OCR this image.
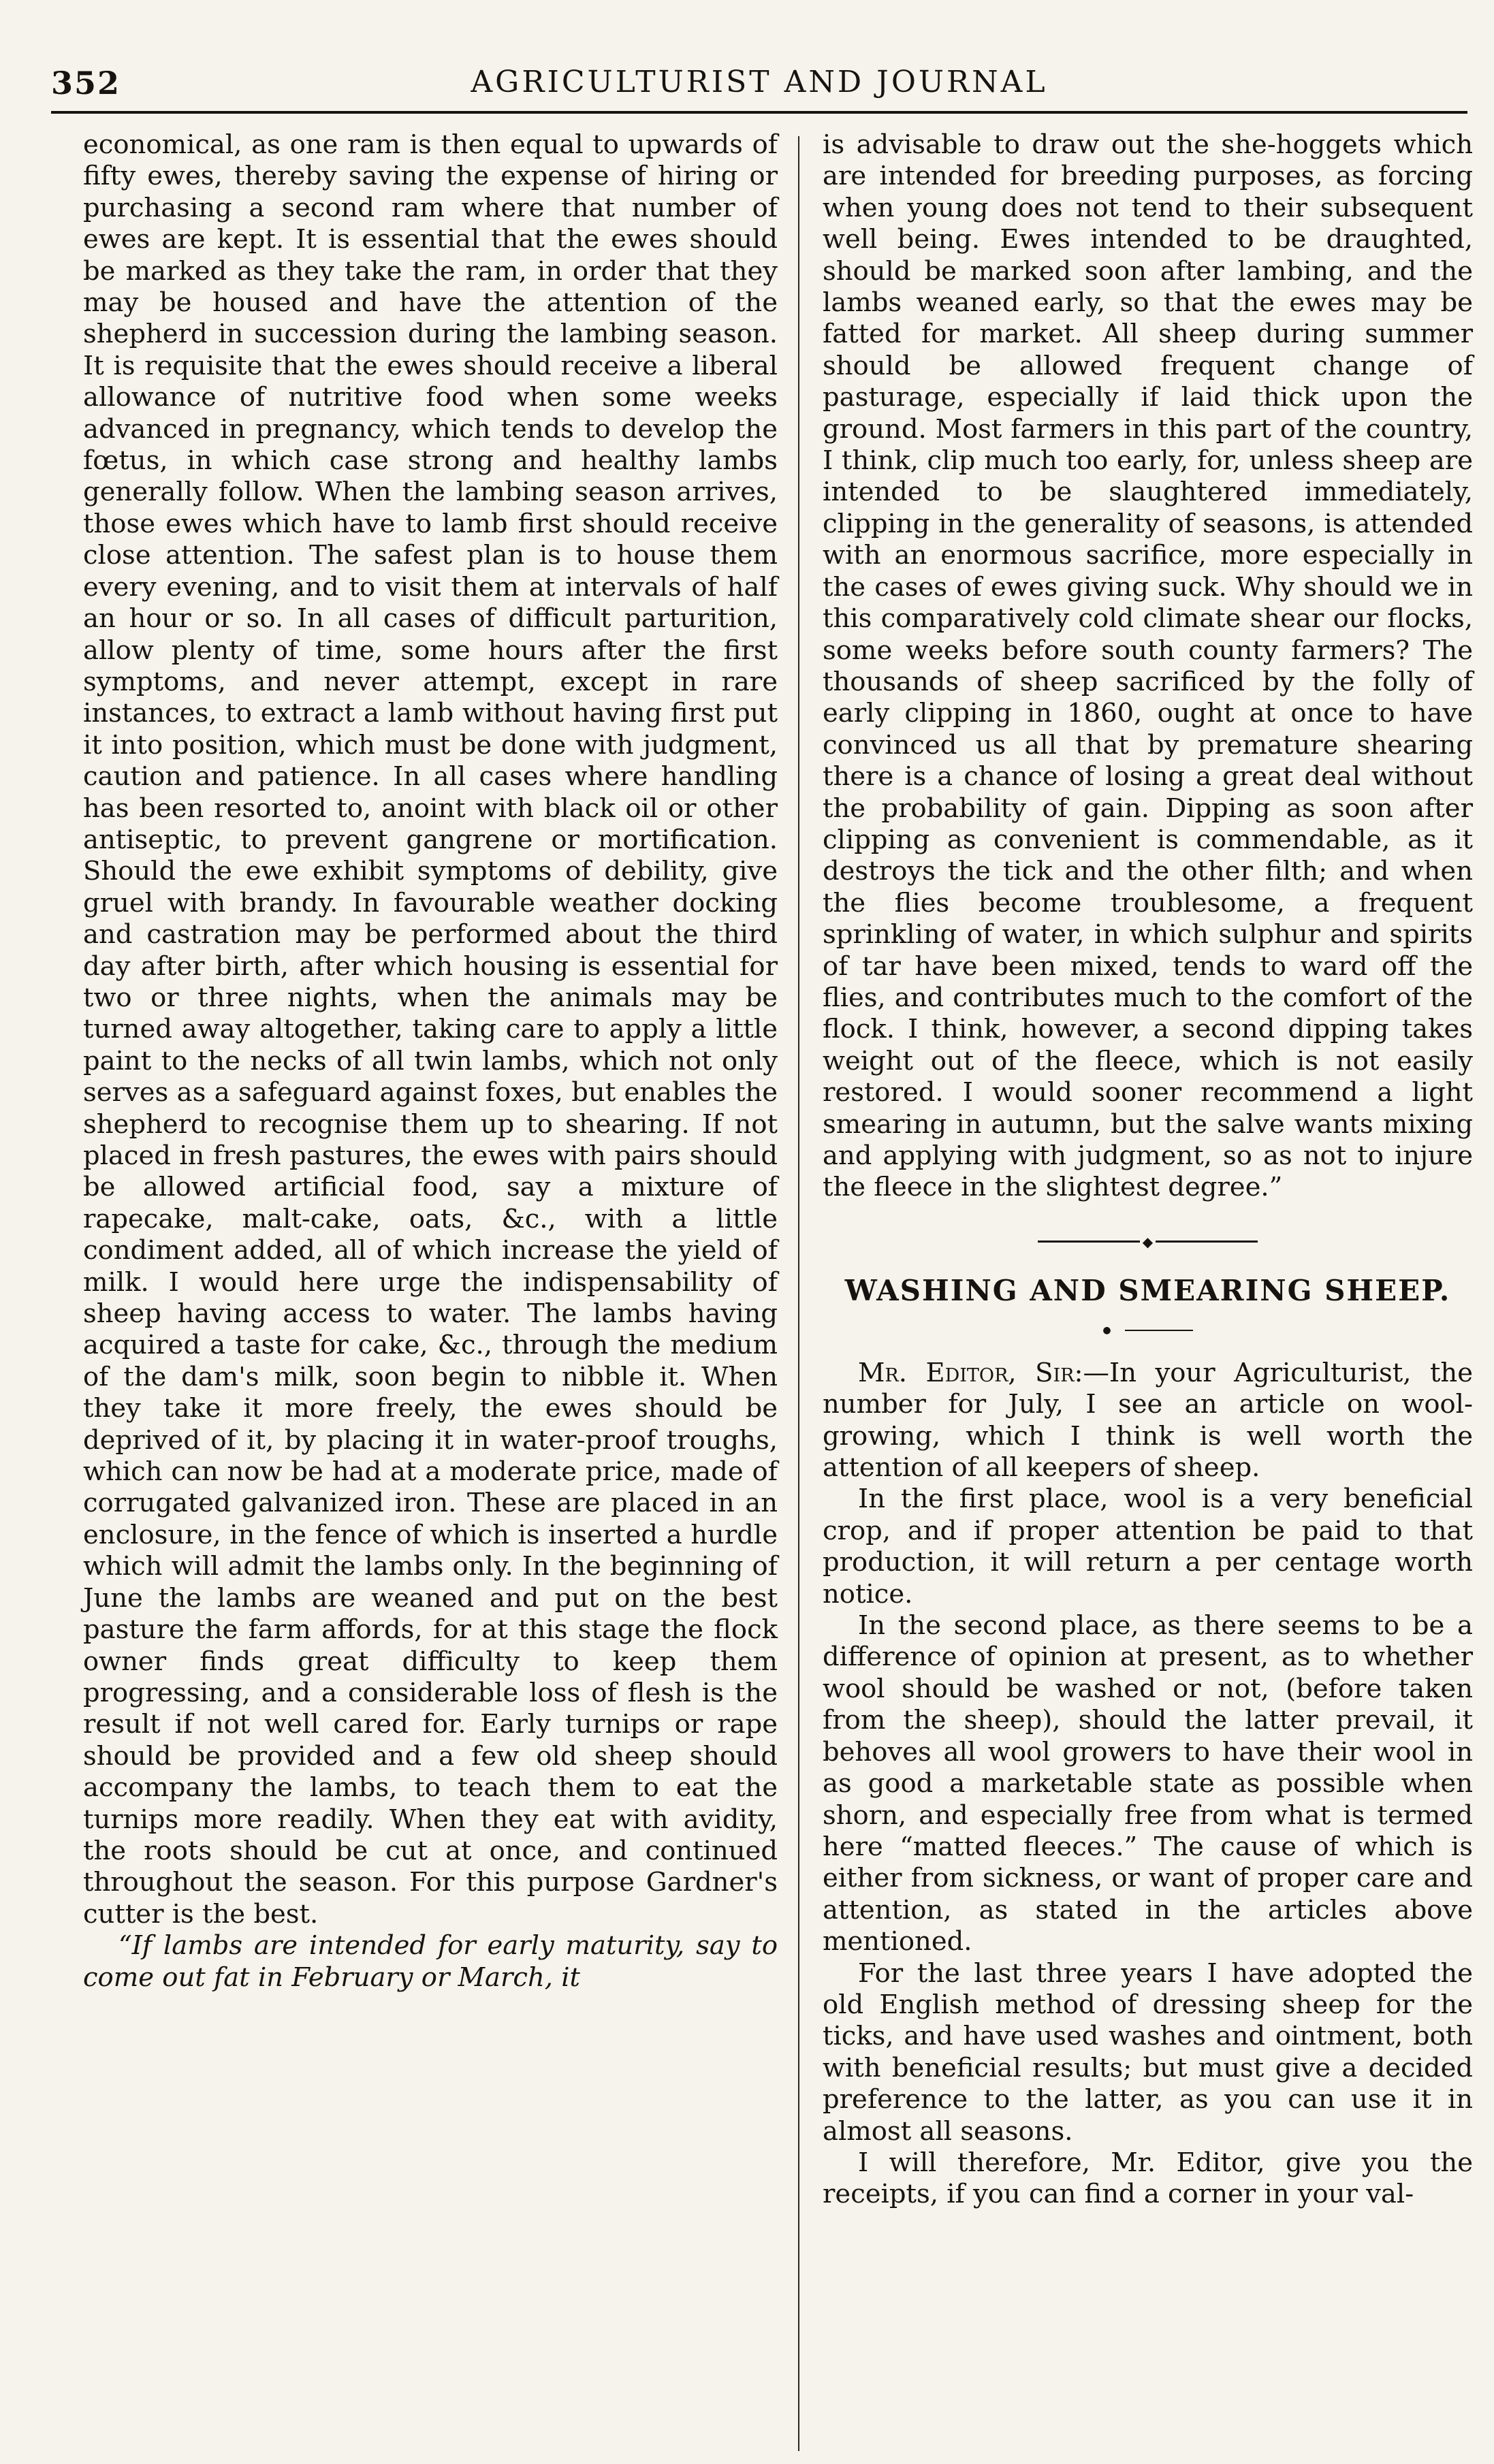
352	AGRICULTURIST AND JOURNAL

economical, as one ram is then equal to upwards of fifty ewes, thereby saving the expense of hiring or purchasing a second ram where that number of ewes are kept. It is essential that the ewes should be marked as they take the ram, in order that they may be housed and have the attention of the shepherd in succession during the lambing season. It is requisite that the ewes should receive a liberal allowance of nutritive food when some weeks advanced in pregnancy, which tends to develop the fœtus, in which case strong and healthy lambs generally follow. When the lambing season arrives, those ewes which have to lamb first should receive close attention. The safest plan is to house them every evening, and to visit them at intervals of half an hour or so. In all cases of difficult parturition, allow plenty of time, some hours after the first symptoms, and never attempt, except in rare instances, to extract a lamb without having first put it into position, which must be done with judgment, caution and patience. In all cases where handling has been resorted to, anoint with black oil or other antiseptic, to prevent gangrene or mortification. Should the ewe exhibit symptoms of debility, give gruel with brandy. In favourable weather docking and castration may be performed about the third day after birth, after which housing is essential for two or three nights, when the animals may be turned away altogether, taking care to apply a little paint to the necks of all twin lambs, which not only serves as a safeguard against foxes, but enables the shepherd to recognise them up to shearing. If not placed in fresh pastures, the ewes with pairs should be allowed artificial food, say a mixture of rapecake, malt-cake, oats, &c., with a little condiment added, all of which increase the yield of milk. I would here urge the indispensability of sheep having access to water. The lambs having acquired a taste for cake, &c., through the medium of the dam's milk, soon begin to nibble it. When they take it more freely, the ewes should be deprived of it, by placing it in water-proof troughs, which can now be had at a moderate price, made of corrugated galvanized iron. These are placed in an enclosure, in the fence of which is inserted a hurdle which will admit the lambs only. In the beginning of June the lambs are weaned and put on the best pasture the farm affords, for at this stage the flock owner finds great difficulty to keep them progressing, and a considerable loss of flesh is the result if not well cared for. Early turnips or rape should be provided and a few old sheep should accompany the lambs, to teach them to eat the turnips more readily. When they eat with avidity, the roots should be cut at once, and continued throughout the season. For this purpose Gardner's cutter is the best.

“If lambs are intended for early maturity, say to come out fat in February or March, it

is advisable to draw out the she-hoggets which are intended for breeding purposes, as forcing when young does not tend to their subsequent well being. Ewes intended to be draughted, should be marked soon after lambing, and the lambs weaned early, so that the ewes may be fatted for market. All sheep during summer should be allowed frequent change of pasturage, especially if laid thick upon the ground. Most farmers in this part of the country, I think, clip much too early, for, unless sheep are intended to be slaughtered immediately, clipping in the generality of seasons, is attended with an enormous sacrifice, more especially in the cases of ewes giving suck. Why should we in this comparatively cold climate shear our flocks, some weeks before south county farmers? The thousands of sheep sacrificed by the folly of early clipping in 1860, ought at once to have convinced us all that by premature shearing there is a chance of losing a great deal without the probability of gain. Dipping as soon after clipping as convenient is commendable, as it destroys the tick and the other filth; and when the flies become troublesome, a frequent sprinkling of water, in which sulphur and spirits of tar have been mixed, tends to ward off the flies, and contributes much to the comfort of the flock. I think, however, a second dipping takes weight out of the fleece, which is not easily restored. I would sooner recommend a light smearing in autumn, but the salve wants mixing and applying with judgment, so as not to injure the fleece in the slightest degree.”

◆
WASHING AND SMEARING SHEEP.
●

Mr. Editor, Sir:—In your Agriculturist, the number for July, I see an article on wool-growing, which I think is well worth the attention of all keepers of sheep.

In the first place, wool is a very beneficial crop, and if proper attention be paid to that production, it will return a per centage worth notice.

In the second place, as there seems to be a difference of opinion at present, as to whether wool should be washed or not, (before taken from the sheep), should the latter prevail, it behoves all wool growers to have their wool in as good a marketable state as possible when shorn, and especially free from what is termed here “matted fleeces.” The cause of which is either from sickness, or want of proper care and attention, as stated in the articles above mentioned.

For the last three years I have adopted the old English method of dressing sheep for the ticks, and have used washes and ointment, both with beneficial results; but must give a decided preference to the latter, as you can use it in almost all seasons.

I will therefore, Mr. Editor, give you the receipts, if you can find a corner in your val-
